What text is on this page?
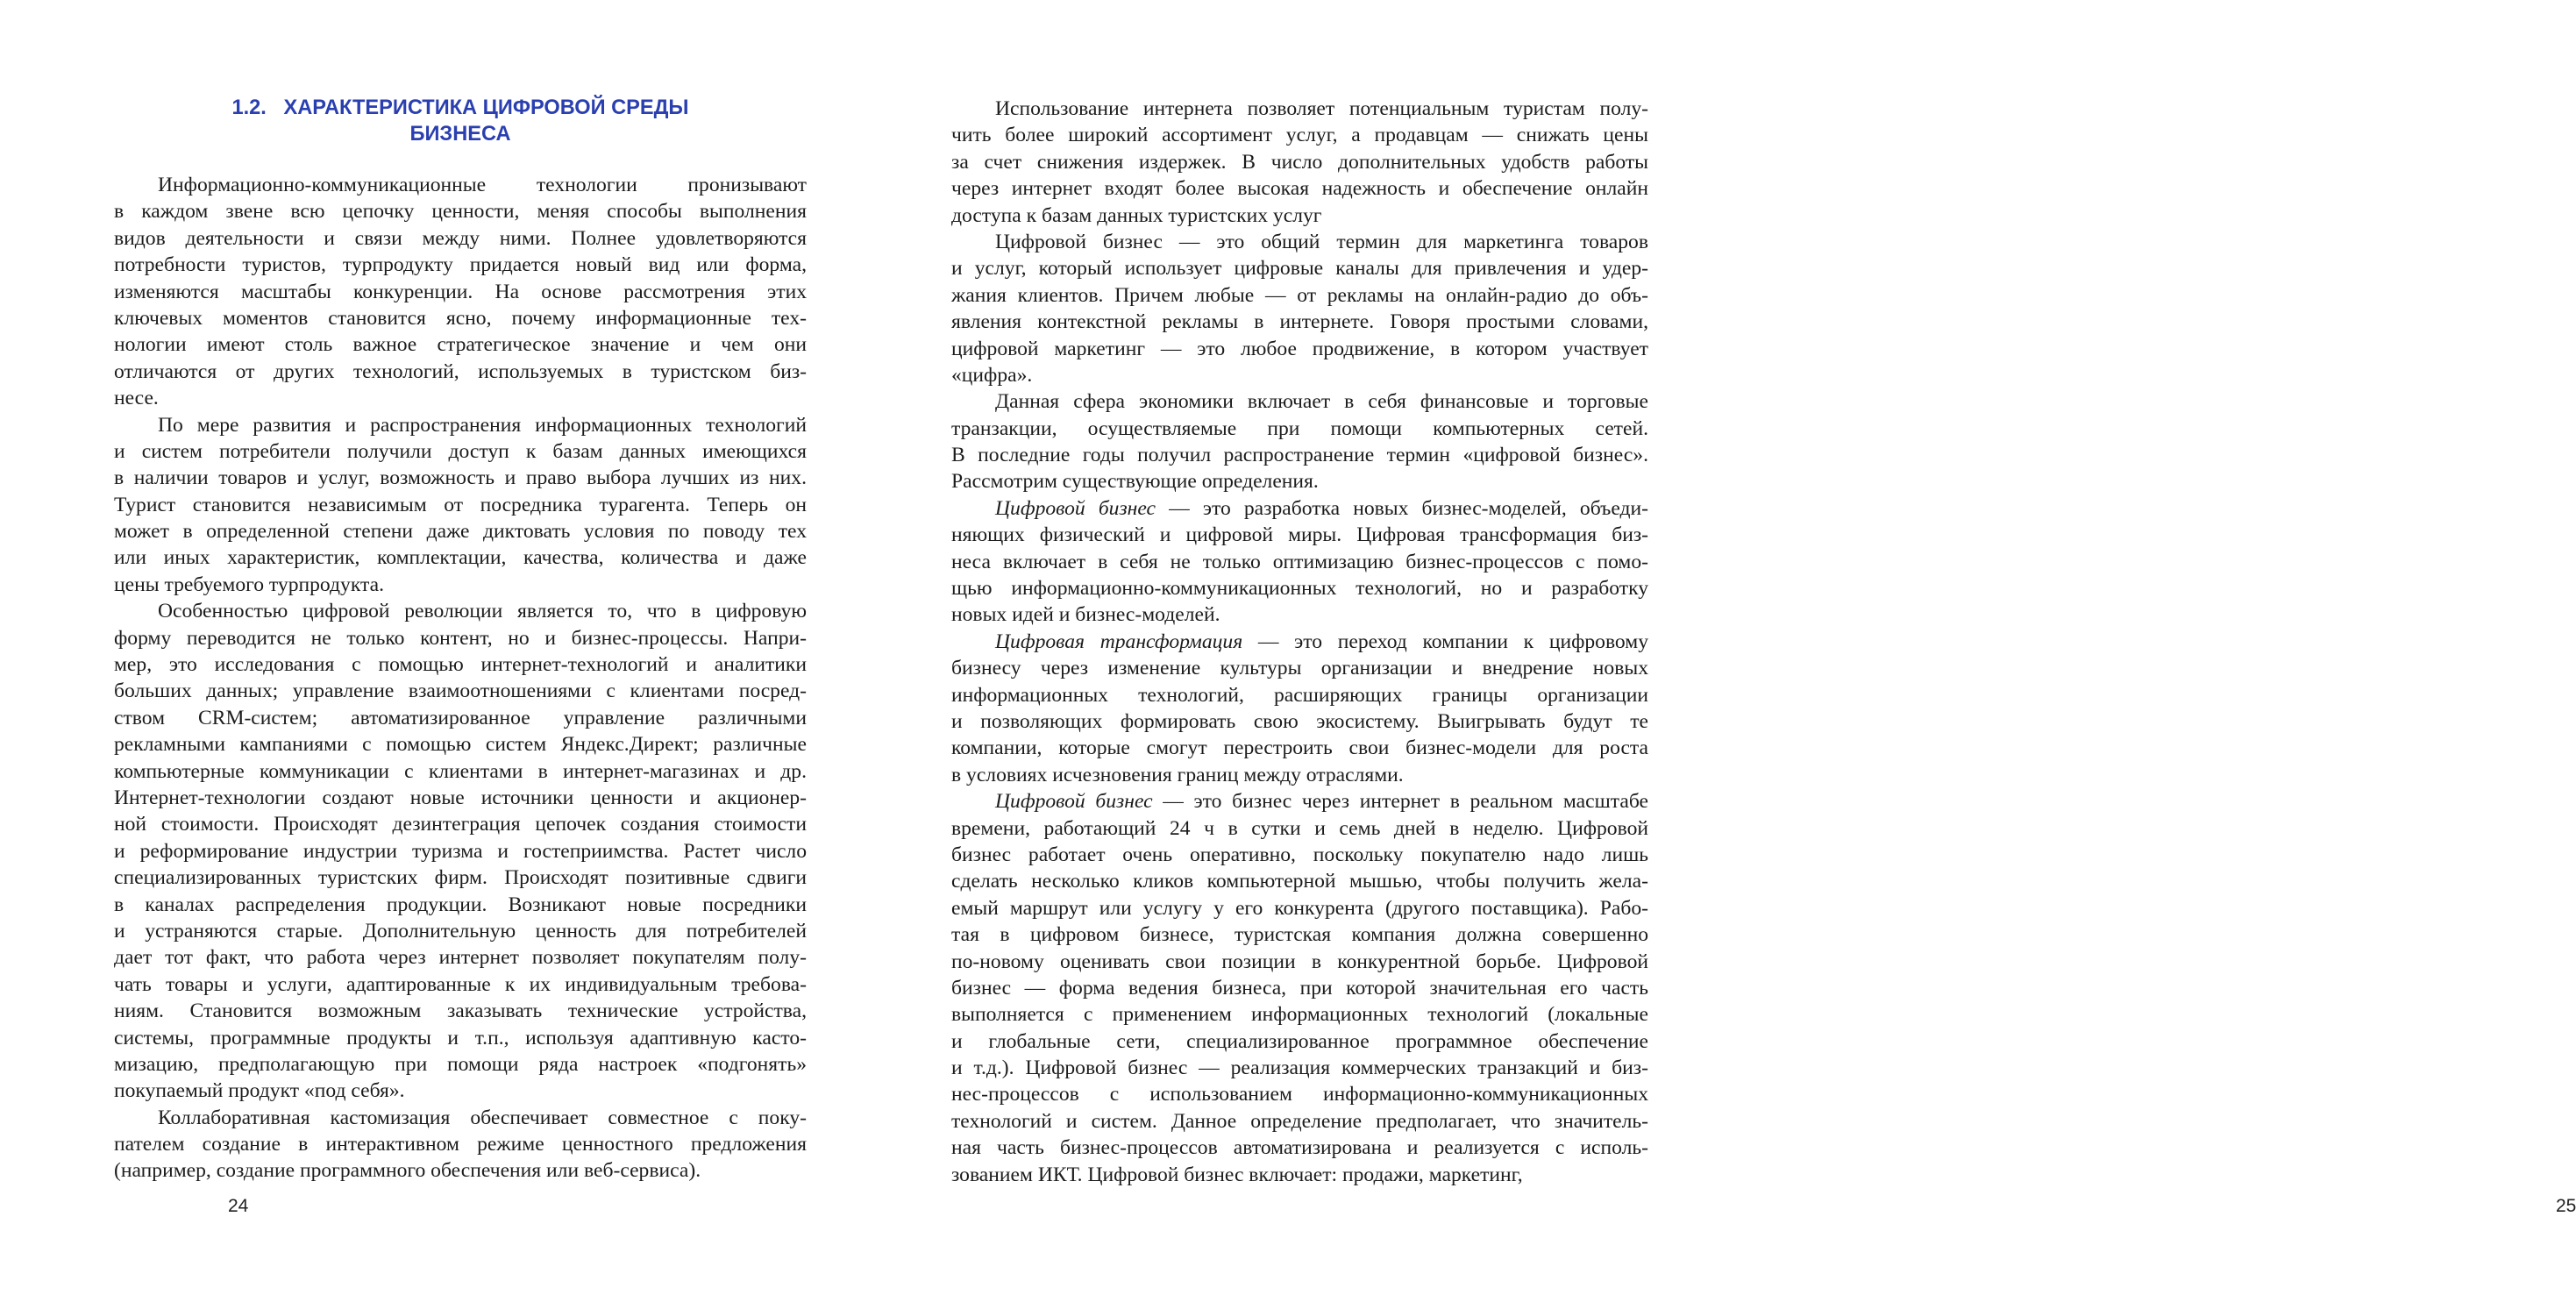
1.2. ХАРАКТЕРИСТИКА ЦИФРОВОЙ СРЕДЫ
БИЗНЕСА
Информационно-коммуникационные технологии пронизывают
в каждом звене всю цепочку ценности, меняя способы выполнения
видов деятельности и связи между ними. Полнее удовлетворяются
потребности туристов, турпродукту придается новый вид или форма,
изменяются масштабы конкуренции. На основе рассмотрения этих
ключевых моментов становится ясно, почему информационные тех-
нологии имеют столь важное стратегическое значение и чем они
отличаются от других технологий, используемых в туристском биз-
несе.
По мере развития и распространения информационных технологий
и систем потребители получили доступ к базам данных имеющихся
в наличии товаров и услуг, возможность и право выбора лучших из них.
Турист становится независимым от посредника турагента. Теперь он
может в определенной степени даже диктовать условия по поводу тех
или иных характеристик, комплектации, качества, количества и даже
цены требуемого турпродукта.
Особенностью цифровой революции является то, что в цифровую
форму переводится не только контент, но и бизнес-процессы. Напри-
мер, это исследования с помощью интернет-технологий и аналитики
больших данных; управление взаимоотношениями с клиентами посред-
ством CRM-систем; автоматизированное управление различными
рекламными кампаниями с помощью систем Яндекс.Директ; различные
компьютерные коммуникации с клиентами в интернет-магазинах и др.
Интернет-технологии создают новые источники ценности и акционер-
ной стоимости. Происходят дезинтеграция цепочек создания стоимости
и реформирование индустрии туризма и гостеприимства. Растет число
специализированных туристских фирм. Происходят позитивные сдвиги
в каналах распределения продукции. Возникают новые посредники
и устраняются старые. Дополнительную ценность для потребителей
дает тот факт, что работа через интернет позволяет покупателям полу-
чать товары и услуги, адаптированные к их индивидуальным требова-
ниям. Становится возможным заказывать технические устройства,
системы, программные продукты и т.п., используя адаптивную касто-
мизацию, предполагающую при помощи ряда настроек «подгонять»
покупаемый продукт «под себя».
Коллаборативная кастомизация обеспечивает совместное с поку-
пателем создание в интерактивном режиме ценностного предложения
(например, создание программного обеспечения или веб-сервиса).
24
Использование интернета позволяет потенциальным туристам полу-
чить более широкий ассортимент услуг, а продавцам — снижать цены
за счет снижения издержек. В число дополнительных удобств работы
через интернет входят более высокая надежность и обеспечение онлайн
доступа к базам данных туристских услуг
Цифровой бизнес — это общий термин для маркетинга товаров
и услуг, который использует цифровые каналы для привлечения и удер-
жания клиентов. Причем любые — от рекламы на онлайн-радио до объ-
явления контекстной рекламы в интернете. Говоря простыми словами,
цифровой маркетинг — это любое продвижение, в котором участвует
«цифра».
Данная сфера экономики включает в себя финансовые и торговые
транзакции, осуществляемые при помощи компьютерных сетей.
В последние годы получил распространение термин «цифровой бизнес».
Рассмотрим существующие определения.
Цифровой бизнес — это разработка новых бизнес-моделей, объеди-
няющих физический и цифровой миры. Цифровая трансформация биз-
неса включает в себя не только оптимизацию бизнес-процессов с помо-
щью информационно-коммуникационных технологий, но и разработку
новых идей и бизнес-моделей.
Цифровая трансформация — это переход компании к цифровому
бизнесу через изменение культуры организации и внедрение новых
информационных технологий, расширяющих границы организации
и позволяющих формировать свою экосистему. Выигрывать будут те
компании, которые смогут перестроить свои бизнес-модели для роста
в условиях исчезновения границ между отраслями.
Цифровой бизнес — это бизнес через интернет в реальном масштабе
времени, работающий 24 ч в сутки и семь дней в неделю. Цифровой
бизнес работает очень оперативно, поскольку покупателю надо лишь
сделать несколько кликов компьютерной мышью, чтобы получить жела-
емый маршрут или услугу у его конкурента (другого поставщика). Рабо-
тая в цифровом бизнесе, туристская компания должна совершенно
по-новому оценивать свои позиции в конкурентной борьбе. Цифровой
бизнес — форма ведения бизнеса, при которой значительная его часть
выполняется с применением информационных технологий (локальные
и глобальные сети, специализированное программное обеспечение
и т.д.). Цифровой бизнес — реализация коммерческих транзакций и биз-
нес-процессов с использованием информационно-коммуникационных
технологий и систем. Данное определение предполагает, что значитель-
ная часть бизнес-процессов автоматизирована и реализуется с исполь-
зованием ИКТ. Цифровой бизнес включает: продажи, маркетинг,
25
